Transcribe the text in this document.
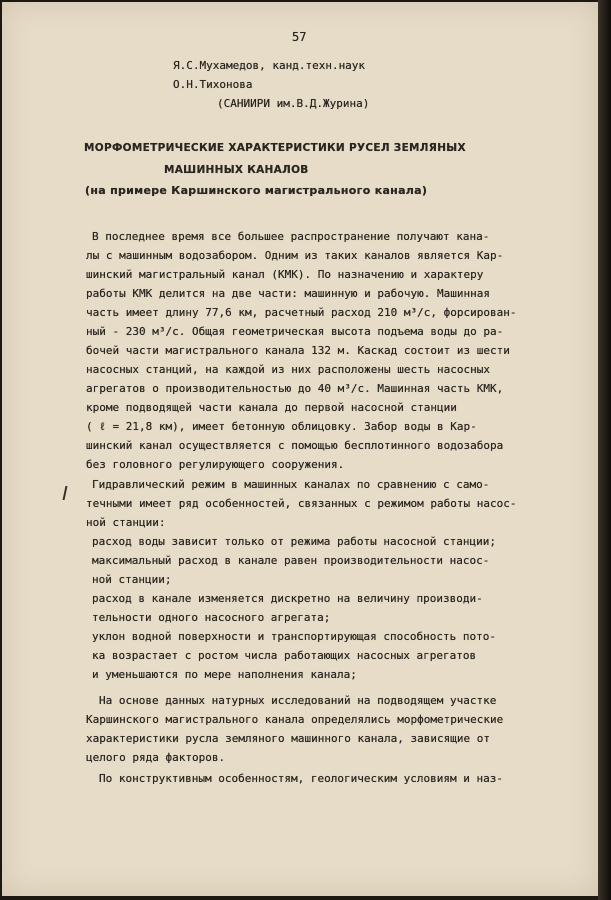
57
Я.С.Мухамедов, канд.техн.наук
О.Н.Тихонова
(САНИИРИ им.В.Д.Журина)
МОРФОМЕТРИЧЕСКИЕ ХАРАКТЕРИСТИКИ РУСЕЛ ЗЕМЛЯНЫХ
МАШИННЫХ КАНАЛОВ
(на примере Каршинского магистрального канала)
В последнее время все большее распространение получают кана-
лы с машинным водозабором. Одним из таких каналов является Кар-
шинский магистральный канал (КМК). По назначению и характеру
работы КМК делится на две части: машинную и рабочую. Машинная
часть имеет длину 77,6 км, расчетный расход 210 м³/с, форсирован-
ный - 230 м³/с. Общая геометрическая высота подъема воды до ра-
бочей части магистрального канала 132 м. Каскад состоит из шести
насосных станций, на каждой из них расположены шесть насосных
агрегатов о производительностью до 40 м³/с. Машинная часть КМК,
кроме подводящей части канала до первой насосной станции
( ℓ = 21,8 км), имеет бетонную облицовку. Забор воды в Кар-
шинский канал осуществляется с помощью бесплотинного водозабора
без головного регулирующего сооружения.
Гидравлический режим в машинных каналах по сравнению с само-
течными имеет ряд особенностей, связанных с режимом работы насос-
ной станции:
расход воды зависит только от режима работы насосной станции;
максимальный расход в канале равен производительности насос-
ной станции;
расход в канале изменяется дискретно на величину производи-
тельности одного насосного агрегата;
уклон водной поверхности и транспортирующая способность пото-
ка возрастает с ростом числа работающих насосных агрегатов
и уменьшаются по мере наполнения канала;
На основе данных натурных исследований на подводящем участке
Каршинского магистрального канала определялись морфометрические
характеристики русла земляного машинного канала, зависящие от
целого ряда факторов.
По конструктивным особенностям, геологическим условиям и наз-
